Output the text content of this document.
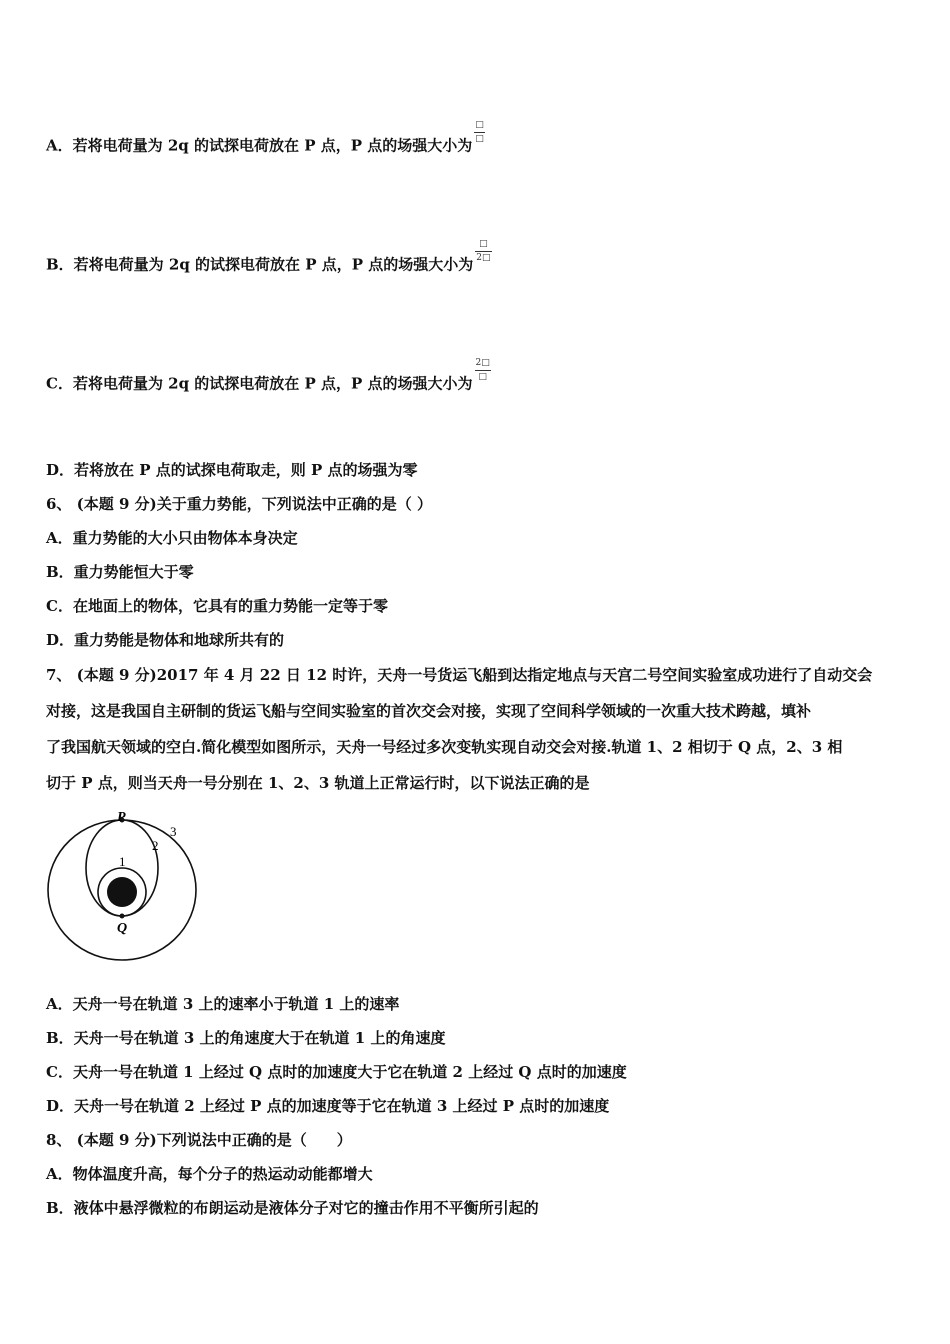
A．若将电荷量为 2q 的试探电荷放在 P 点，P 点的场强大小为
$\frac{□}{□}$
B．若将电荷量为 2q 的试探电荷放在 P 点，P 点的场强大小为
$\frac{□}{2□}$
C．若将电荷量为 2q 的试探电荷放在 P 点，P 点的场强大小为
$\frac{2□}{□}$
D．若将放在 P 点的试探电荷取走，则 P 点的场强为零
6、 (本题 9 分)关于重力势能，下列说法中正确的是（ ）
A．重力势能的大小只由物体本身决定
B．重力势能恒大于零
C．在地面上的物体，它具有的重力势能一定等于零
D．重力势能是物体和地球所共有的
7、 (本题 9 分)2017 年 4 月 22 日 12 时许，天舟一号货运飞船到达指定地点与天宫二号空间实验室成功进行了自动交会
对接，这是我国自主研制的货运飞船与空间实验室的首次交会对接，实现了空间科学领域的一次重大技术跨越，填补
了我国航天领域的空白.简化模型如图所示，天舟一号经过多次变轨实现自动交会对接.轨道 1、2 相切于 Q 点，2、3 相
切于 P 点，则当天舟一号分别在 1、2、3 轨道上正常运行时，以下说法正确的是
P
Q
1
2
3
A．天舟一号在轨道 3 上的速率小于轨道 1 上的速率
B．天舟一号在轨道 3 上的角速度大于在轨道 1 上的角速度
C．天舟一号在轨道 1 上经过 Q 点时的加速度大于它在轨道 2 上经过 Q 点时的加速度
D．天舟一号在轨道 2 上经过 P 点的加速度等于它在轨道 3 上经过 P 点时的加速度
8、 (本题 9 分)下列说法中正确的是（　　）
A．物体温度升高，每个分子的热运动动能都增大
B．液体中悬浮微粒的布朗运动是液体分子对它的撞击作用不平衡所引起的
